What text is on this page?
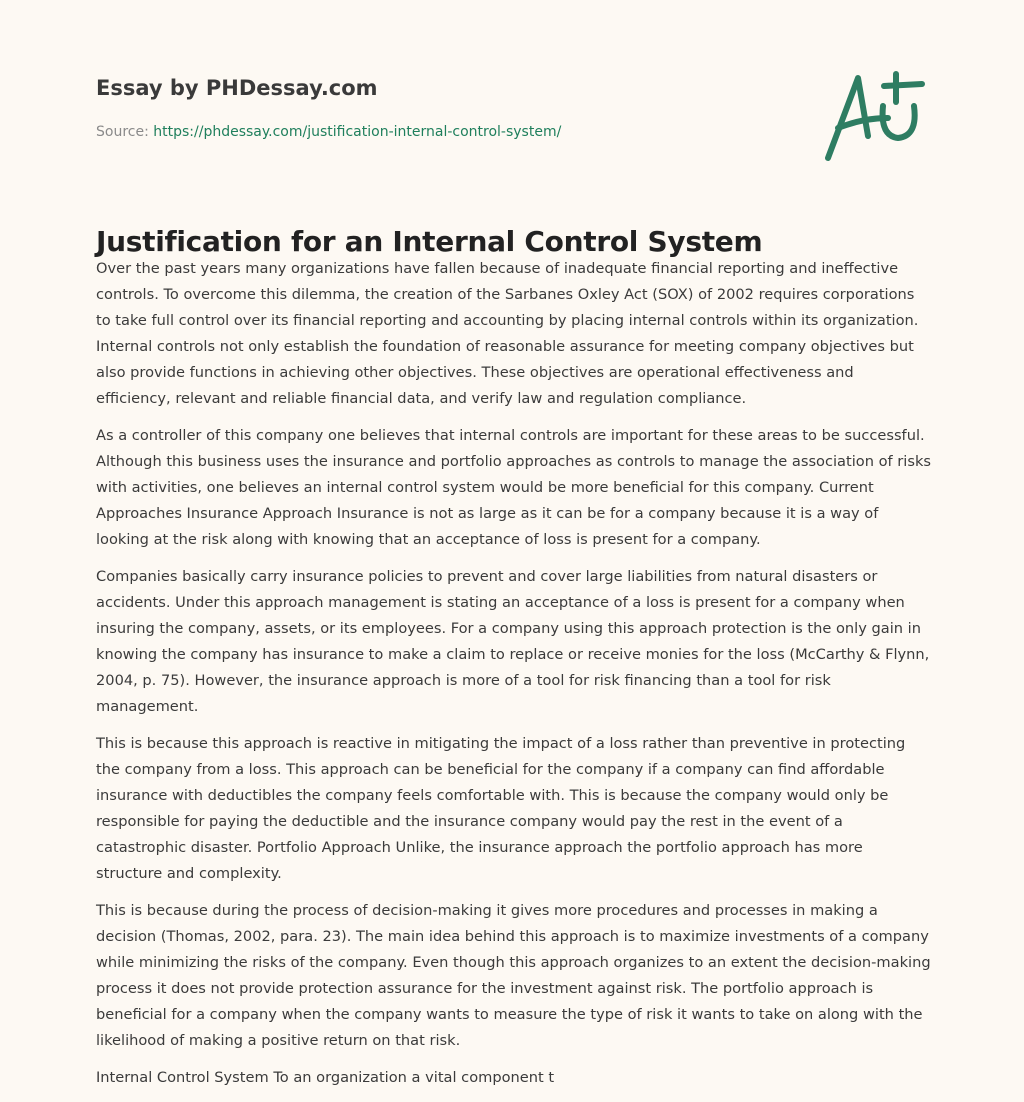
Essay by PHDessay.com

Source: https://phdessay.com/justification-internal-control-system/
Justification for an Internal Control System

Over the past years many organizations have fallen because of inadequate financial reporting and ineffective controls. To overcome this dilemma, the creation of the Sarbanes Oxley Act (SOX) of 2002 requires corporations to take full control over its financial reporting and accounting by placing internal controls within its organization. Internal controls not only establish the foundation of reasonable assurance for meeting company objectives but also provide functions in achieving other objectives. These objectives are operational effectiveness and efficiency, relevant and reliable financial data, and verify law and regulation compliance.

As a controller of this company one believes that internal controls are important for these areas to be successful. Although this business uses the insurance and portfolio approaches as controls to manage the association of risks with activities, one believes an internal control system would be more beneficial for this company. Current Approaches Insurance Approach Insurance is not as large as it can be for a company because it is a way of looking at the risk along with knowing that an acceptance of loss is present for a company.

Companies basically carry insurance policies to prevent and cover large liabilities from natural disasters or accidents. Under this approach management is stating an acceptance of a loss is present for a company when insuring the company, assets, or its employees. For a company using this approach protection is the only gain in knowing the company has insurance to make a claim to replace or receive monies for the loss (McCarthy & Flynn, 2004, p. 75). However, the insurance approach is more of a tool for risk financing than a tool for risk management.

This is because this approach is reactive in mitigating the impact of a loss rather than preventive in protecting the company from a loss. This approach can be beneficial for the company if a company can find affordable insurance with deductibles the company feels comfortable with. This is because the company would only be responsible for paying the deductible and the insurance company would pay the rest in the event of a catastrophic disaster. Portfolio Approach Unlike, the insurance approach the portfolio approach has more structure and complexity.

This is because during the process of decision-making it gives more procedures and processes in making a decision (Thomas, 2002, para. 23). The main idea behind this approach is to maximize investments of a company while minimizing the risks of the company. Even though this approach organizes to an extent the decision-making process it does not provide protection assurance for the investment against risk. The portfolio approach is beneficial for a company when the company wants to measure the type of risk it wants to take on along with the likelihood of making a positive return on that risk.

Internal Control System To an organization a vital component t
